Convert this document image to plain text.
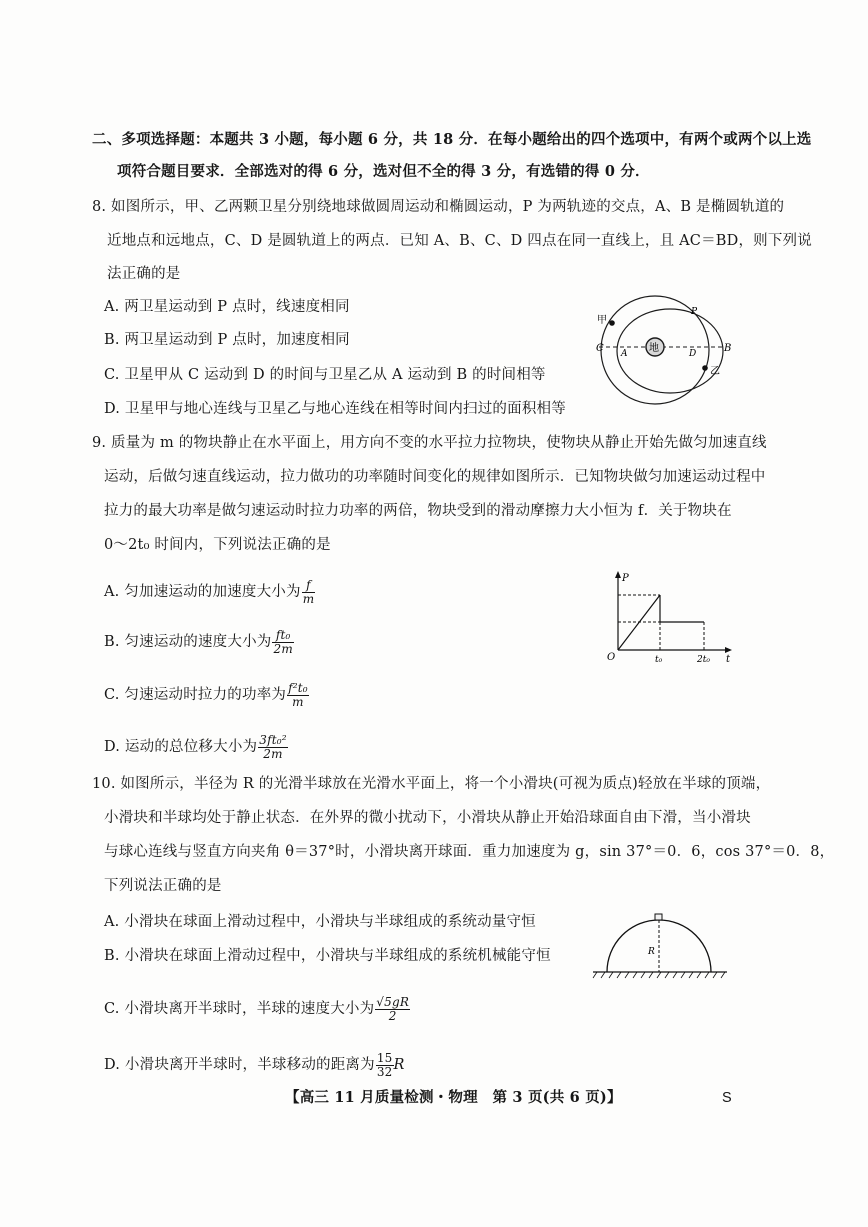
二、多项选择题：本题共 3 小题，每小题 6 分，共 18 分．在每小题给出的四个选项中，有两个或两个以上选
项符合题目要求．全部选对的得 6 分，选对但不全的得 3 分，有选错的得 0 分．
8. 如图所示，甲、乙两颗卫星分别绕地球做圆周运动和椭圆运动，P 为两轨迹的交点，A、B 是椭圆轨道的
近地点和远地点，C、D 是圆轨道上的两点．已知 A、B、C、D 四点在同一直线上，且 AC＝BD，则下列说
法正确的是
A. 两卫星运动到 P 点时，线速度相同
B. 两卫星运动到 P 点时，加速度相同
C. 卫星甲从 C 运动到 D 的时间与卫星乙从 A 运动到 B 的时间相等
D. 卫星甲与地心连线与卫星乙与地心连线在相等时间内扫过的面积相等
地
甲
乙
P
C A	D	B
9. 质量为 m 的物块静止在水平面上，用方向不变的水平拉力拉物块，使物块从静止开始先做匀加速直线
运动，后做匀速直线运动，拉力做功的功率随时间变化的规律如图所示．已知物块做匀加速运动过程中
拉力的最大功率是做匀速运动时拉力功率的两倍，物块受到的滑动摩擦力大小恒为 f．关于物块在
0～2t₀ 时间内，下列说法正确的是
A. 匀加速运动的加速度大小为 $\frac{f}{m}$
B. 匀速运动的速度大小为 $\frac{\text{ft₀}}{2m}$
C. 匀速运动时拉力的功率为 $\frac{\text{f²t₀}}{m}$
D. 运动的总位移大小为 $\frac{\text{3ft₀²}}{2m}$
P
O	t₀	2t₀ t
10. 如图所示，半径为 R 的光滑半球放在光滑水平面上，将一个小滑块(可视为质点)轻放在半球的顶端，
小滑块和半球均处于静止状态．在外界的微小扰动下，小滑块从静止开始沿球面自由下滑，当小滑块
与球心连线与竖直方向夹角 θ＝37°时，小滑块离开球面．重力加速度为 g，sin 37°＝0．6，cos 37°＝0．8，
下列说法正确的是
A. 小滑块在球面上滑动过程中，小滑块与半球组成的系统动量守恒
B. 小滑块在球面上滑动过程中，小滑块与半球组成的系统机械能守恒
C. 小滑块离开半球时，半球的速度大小为 $\frac{√5gR}{2}$
D. 小滑块离开半球时，半球移动的距离为 $\frac{15}{32}$ R
R
【高三 11 月质量检测・物理　第 3 页(共 6 页)】	S
